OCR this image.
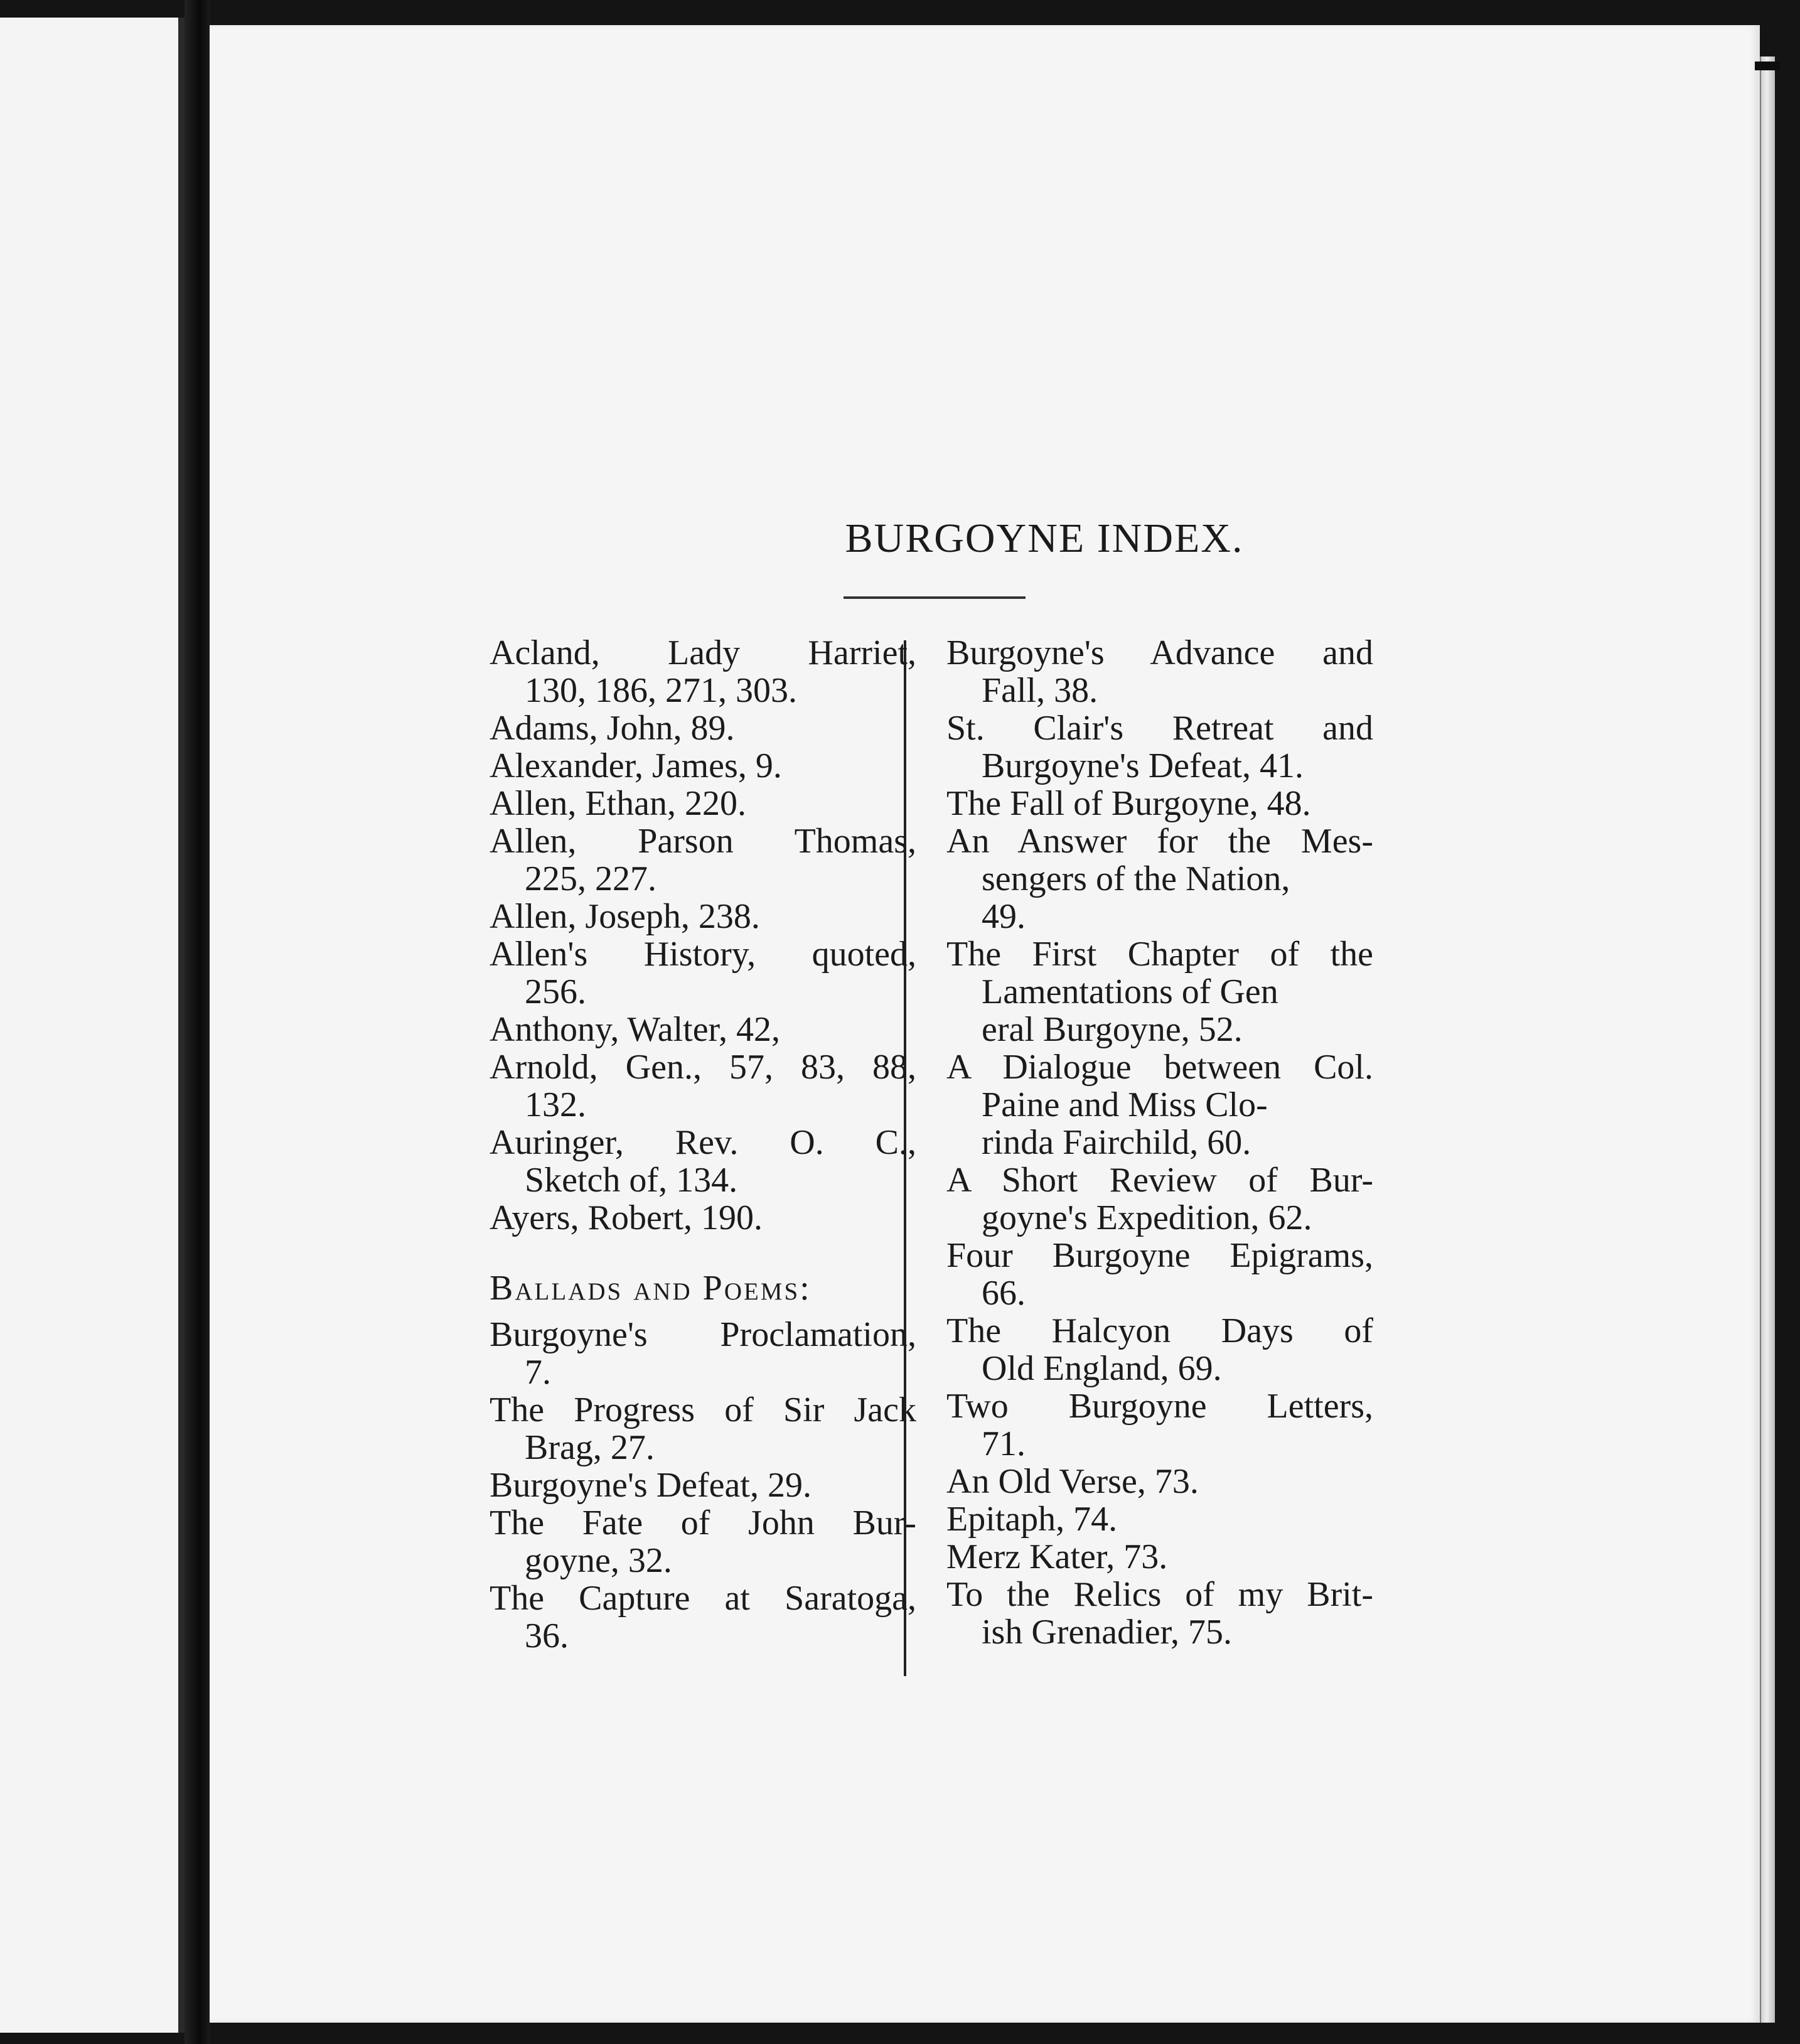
BURGOYNE INDEX.
Acland, Lady Harriet,
130, 186, 271, 303.
Adams, John, 89.
Alexander, James, 9.
Allen, Ethan, 220.
Allen, Parson Thomas,
225, 227.
Allen, Joseph, 238.
Allen's History, quoted,
256.
Anthony, Walter, 42,
Arnold, Gen., 57, 83, 88,
132.
Auringer, Rev. O. C.,
Sketch of, 134.
Ayers, Robert, 190.
Ballads and Poems:
Burgoyne's Proclamation,
7.
The Progress of Sir Jack
Brag, 27.
Burgoyne's Defeat, 29.
The Fate of John Bur-
goyne, 32.
The Capture at Saratoga,
36.
Burgoyne's Advance and
Fall, 38.
St. Clair's Retreat and
Burgoyne's Defeat, 41.
The Fall of Burgoyne, 48.
An Answer for the Mes-
sengers of the Nation,
49.
The First Chapter of the
Lamentations of Gen
eral Burgoyne, 52.
A Dialogue between Col.
Paine and Miss Clo-
rinda Fairchild, 60.
A Short Review of Bur-
goyne's Expedition, 62.
Four Burgoyne Epigrams,
66.
The Halcyon Days of
Old England, 69.
Two Burgoyne Letters,
71.
An Old Verse, 73.
Epitaph, 74.
Merz Kater, 73.
To the Relics of my Brit-
ish Grenadier, 75.
